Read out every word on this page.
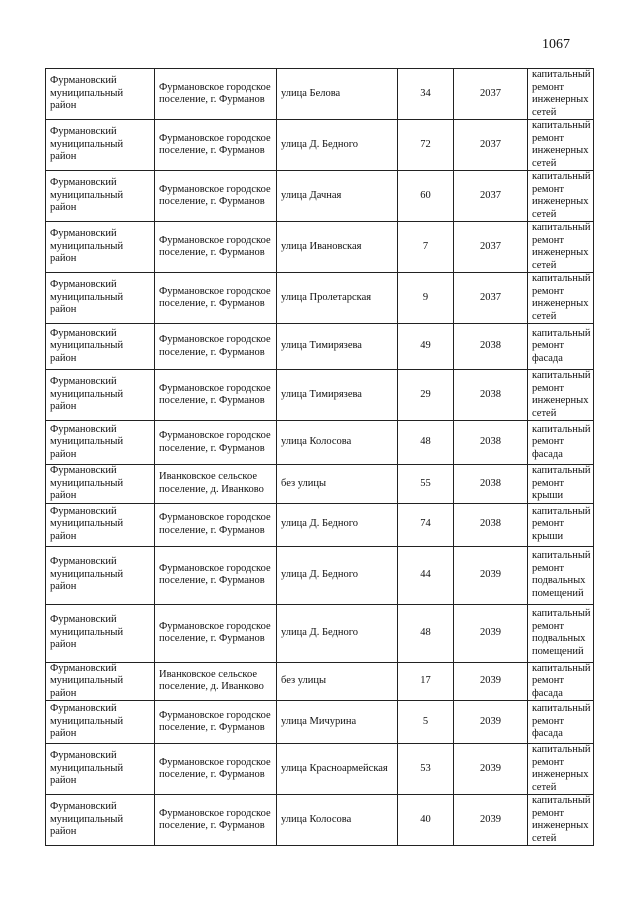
1067
Фурмановский муниципальный район	Фурмановское городское поселение, г. Фурманов	улица Белова	34	2037	капитальный ремонт инженерных сетей
Фурмановский муниципальный район	Фурмановское городское поселение, г. Фурманов	улица Д. Бедного	72	2037	капитальный ремонт инженерных сетей
Фурмановский муниципальный район	Фурмановское городское поселение, г. Фурманов	улица Дачная	60	2037	капитальный ремонт инженерных сетей
Фурмановский муниципальный район	Фурмановское городское поселение, г. Фурманов	улица Ивановская	7	2037	капитальный ремонт инженерных сетей
Фурмановский муниципальный район	Фурмановское городское поселение, г. Фурманов	улица Пролетарская	9	2037	капитальный ремонт инженерных сетей
Фурмановский муниципальный район	Фурмановское городское поселение, г. Фурманов	улица Тимирязева	49	2038	капитальный ремонт фасада
Фурмановский муниципальный район	Фурмановское городское поселение, г. Фурманов	улица Тимирязева	29	2038	капитальный ремонт инженерных сетей
Фурмановский муниципальный район	Фурмановское городское поселение, г. Фурманов	улица Колосова	48	2038	капитальный ремонт фасада
Фурмановский муниципальный район	Иванковское сельское поселение, д. Иванково	без улицы	55	2038	капитальный ремонт крыши
Фурмановский муниципальный район	Фурмановское городское поселение, г. Фурманов	улица Д. Бедного	74	2038	капитальный ремонт крыши
Фурмановский муниципальный район	Фурмановское городское поселение, г. Фурманов	улица Д. Бедного	44	2039	капитальный ремонт подвальных помещений
Фурмановский муниципальный район	Фурмановское городское поселение, г. Фурманов	улица Д. Бедного	48	2039	капитальный ремонт подвальных помещений
Фурмановский муниципальный район	Иванковское сельское поселение, д. Иванково	без улицы	17	2039	капитальный ремонт фасада
Фурмановский муниципальный район	Фурмановское городское поселение, г. Фурманов	улица Мичурина	5	2039	капитальный ремонт фасада
Фурмановский муниципальный район	Фурмановское городское поселение, г. Фурманов	улица Красноармейская	53	2039	капитальный ремонт инженерных сетей
Фурмановский муниципальный район	Фурмановское городское поселение, г. Фурманов	улица Колосова	40	2039	капитальный ремонт инженерных сетей
